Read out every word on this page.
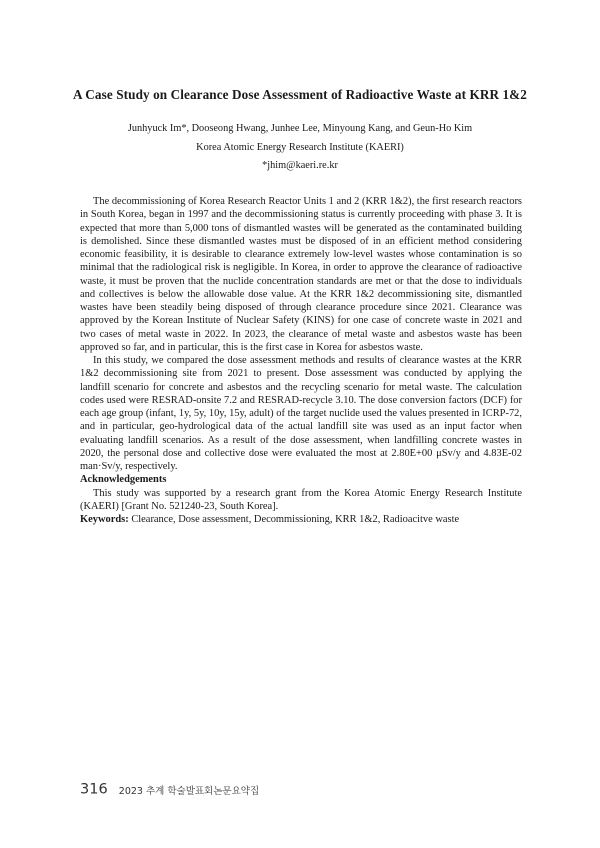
A Case Study on Clearance Dose Assessment of Radioactive Waste at KRR 1&2
Junhyuck Im*, Dooseong Hwang, Junhee Lee, Minyoung Kang, and Geun-Ho Kim
Korea Atomic Energy Research Institute (KAERI)
*jhim@kaeri.re.kr

The decommissioning of Korea Research Reactor Units 1 and 2 (KRR 1&2), the first research reactors in South Korea, began in 1997 and the decommissioning status is currently proceeding with phase 3. It is expected that more than 5,000 tons of dismantled wastes will be generated as the contaminated building is demolished. Since these dismantled wastes must be disposed of in an efficient method considering economic feasibility, it is desirable to clearance extremely low-level wastes whose contamination is so minimal that the radiological risk is negligible. In Korea, in order to approve the clearance of radioactive waste, it must be proven that the nuclide concentration standards are met or that the dose to individuals and collectives is below the allowable dose value. At the KRR 1&2 decommissioning site, dismantled wastes have been steadily being disposed of through clearance procedure since 2021. Clearance was approved by the Korean Institute of Nuclear Safety (KINS) for one case of concrete waste in 2021 and two cases of metal waste in 2022. In 2023, the clearance of metal waste and asbestos waste has been approved so far, and in particular, this is the first case in Korea for asbestos waste.

In this study, we compared the dose assessment methods and results of clearance wastes at the KRR 1&2 decommissioning site from 2021 to present. Dose assessment was conducted by applying the landfill scenario for concrete and asbestos and the recycling scenario for metal waste. The calculation codes used were RESRAD-onsite 7.2 and RESRAD-recycle 3.10. The dose conversion factors (DCF) for each age group (infant, 1y, 5y, 10y, 15y, adult) of the target nuclide used the values presented in ICRP-72, and in particular, geo-hydrological data of the actual landfill site was used as an input factor when evaluating landfill scenarios. As a result of the dose assessment, when landfilling concrete wastes in 2020, the personal dose and collective dose were evaluated the most at 2.80E+00 μSv/y and 4.83E-02 man·Sv/y, respectively.

Acknowledgements

This study was supported by a research grant from the Korea Atomic Energy Research Institute (KAERI) [Grant No. 521240-23, South Korea].

Keywords: Clearance, Dose assessment, Decommissioning, KRR 1&2, Radioacitve waste

316 2023 추계 학술발표회논문요약집
